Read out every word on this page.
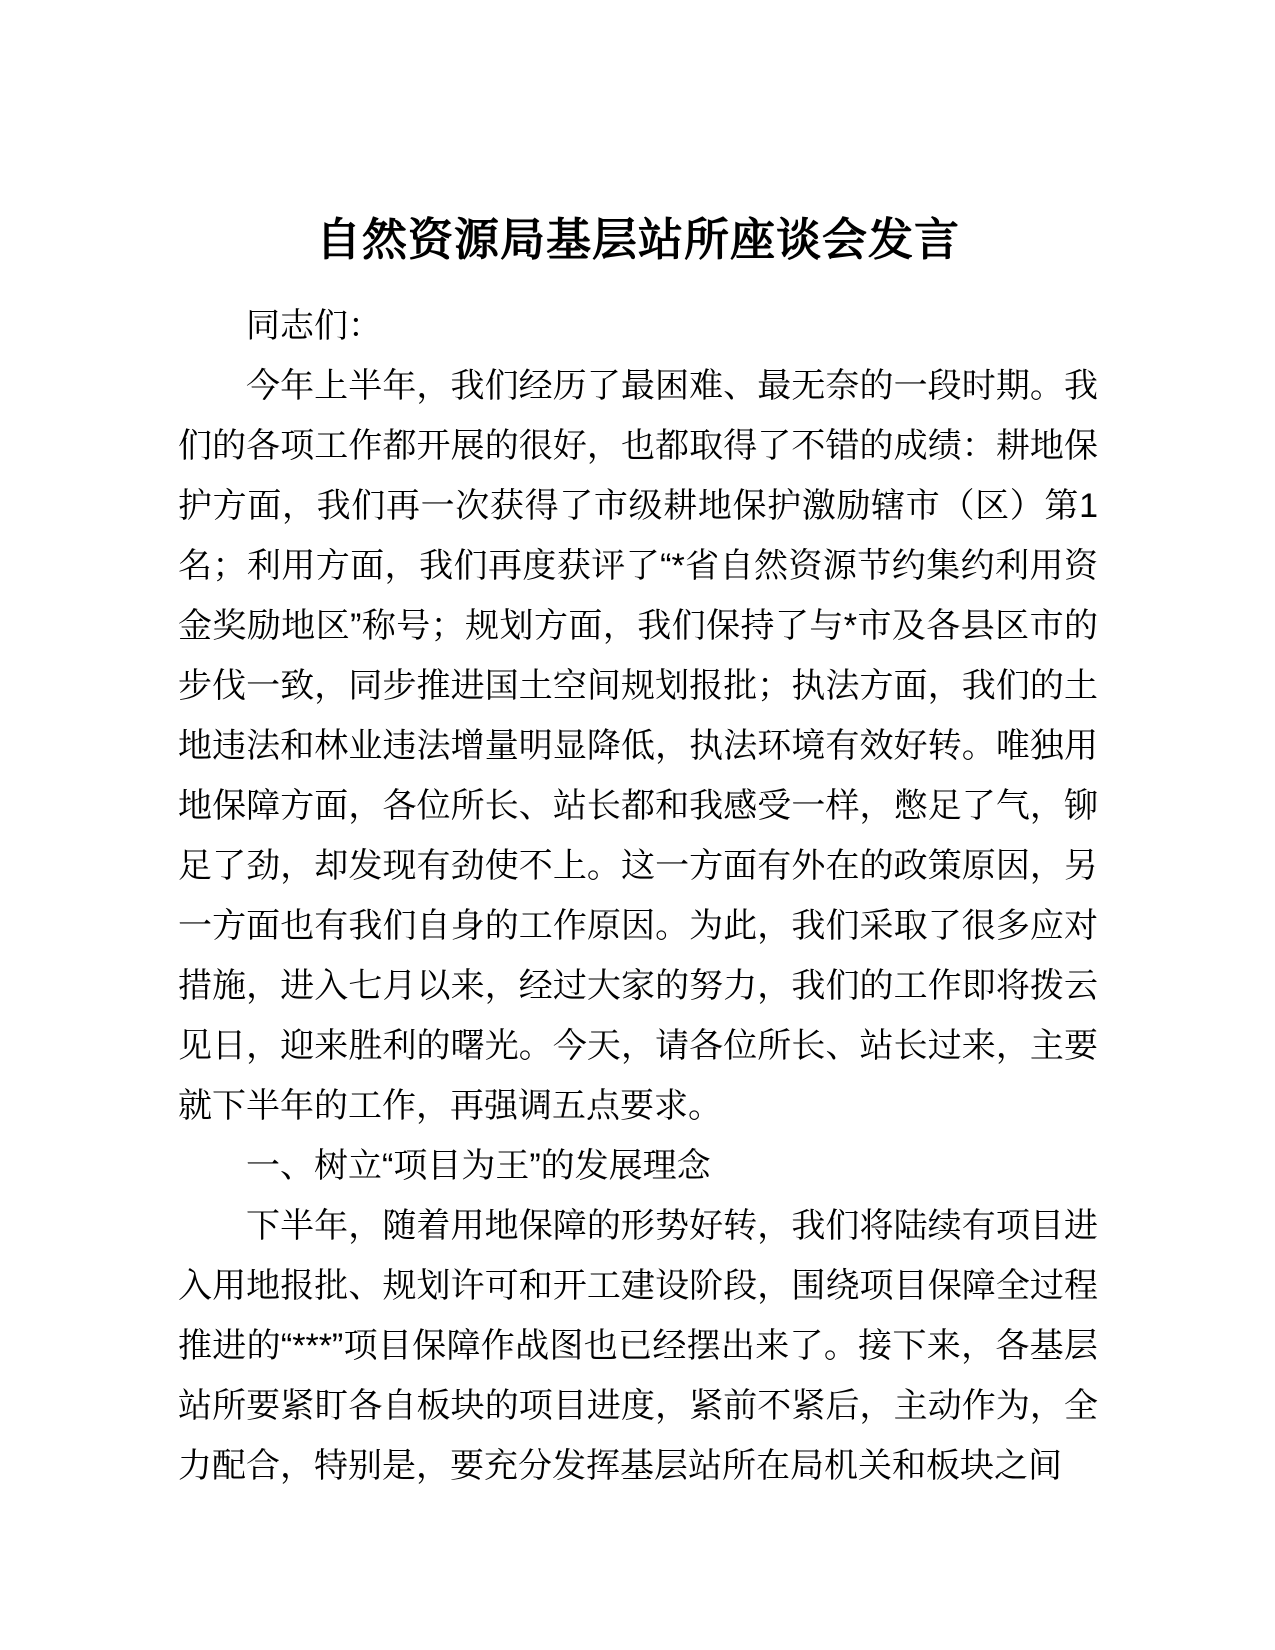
自然资源局基层站所座谈会发言

同志们：

今年上半年，我们经历了最困难、最无奈的一段时期。我们的各项工作都开展的很好，也都取得了不错的成绩：耕地保护方面，我们再一次获得了市级耕地保护激励辖市（区）第1名；利用方面，我们再度获评了“*省自然资源节约集约利用资金奖励地区”称号；规划方面，我们保持了与*市及各县区市的步伐一致，同步推进国土空间规划报批；执法方面，我们的土地违法和林业违法增量明显降低，执法环境有效好转。唯独用地保障方面，各位所长、站长都和我感受一样，憋足了气，铆足了劲，却发现有劲使不上。这一方面有外在的政策原因，另一方面也有我们自身的工作原因。为此，我们采取了很多应对措施，进入七月以来，经过大家的努力，我们的工作即将拨云见日，迎来胜利的曙光。今天，请各位所长、站长过来，主要就下半年的工作，再强调五点要求。

一、树立“项目为王”的发展理念

下半年，随着用地保障的形势好转，我们将陆续有项目进入用地报批、规划许可和开工建设阶段，围绕项目保障全过程推进的“***”项目保障作战图也已经摆出来了。接下来，各基层站所要紧盯各自板块的项目进度，紧前不紧后，主动作为，全力配合，特别是，要充分发挥基层站所在局机关和板块之间
